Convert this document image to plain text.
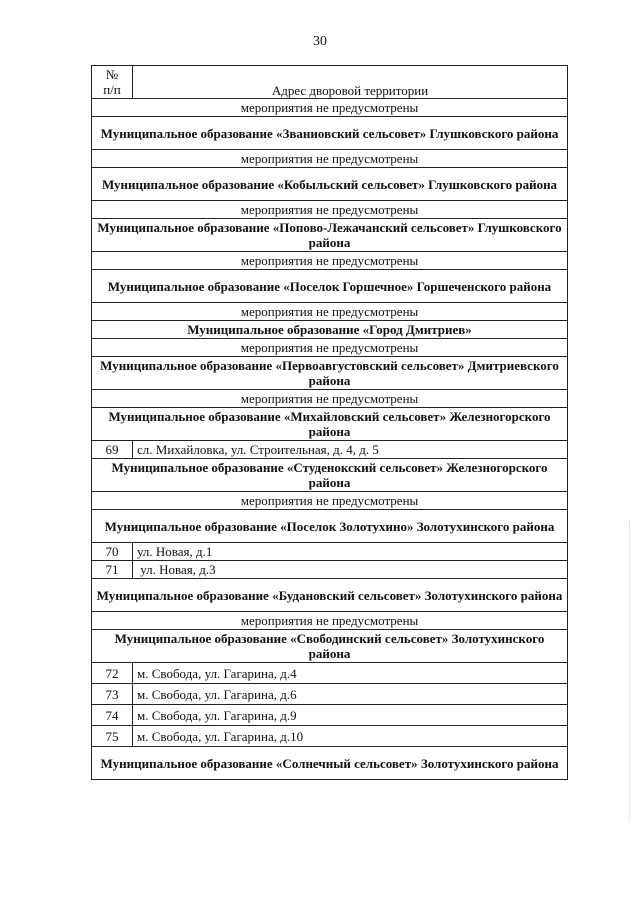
30
№
п/п	Адрес дворовой территории
мероприятия не предусмотрены	
Муниципальное образование «Званиовский сельсовет» Глушковского района	
мероприятия не предусмотрены	
Муниципальное образование «Кобыльский сельсовет» Глушковского района	
мероприятия не предусмотрены	
Муниципальное образование «Попово-Лежачанский сельсовет» Глушковского района	
мероприятия не предусмотрены	
Муниципальное образование «Поселок Горшечное» Горшеченского района	
мероприятия не предусмотрены	
Муниципальное образование «Город Дмитриев»	
мероприятия не предусмотрены	
Муниципальное образование «Первоавгустовский сельсовет» Дмитриевского района	
мероприятия не предусмотрены	
Муниципальное образование «Михайловский сельсовет» Железногорского района	
69	сл. Михайловка, ул. Строительная, д. 4, д. 5
Муниципальное образование «Студенокский сельсовет» Железногорского района	
мероприятия не предусмотрены	
Муниципальное образование «Поселок Золотухино» Золотухинского района	
70	ул. Новая, д.1
71	ул. Новая, д.3
Муниципальное образование «Будановский сельсовет» Золотухинского района	
мероприятия не предусмотрены	
Муниципальное образование «Свободинский сельсовет» Золотухинского района	
72	м. Свобода, ул. Гагарина, д.4
73	м. Свобода, ул. Гагарина, д.6
74	м. Свобода, ул. Гагарина, д.9
75	м. Свобода, ул. Гагарина, д.10
Муниципальное образование «Солнечный сельсовет» Золотухинского района	
